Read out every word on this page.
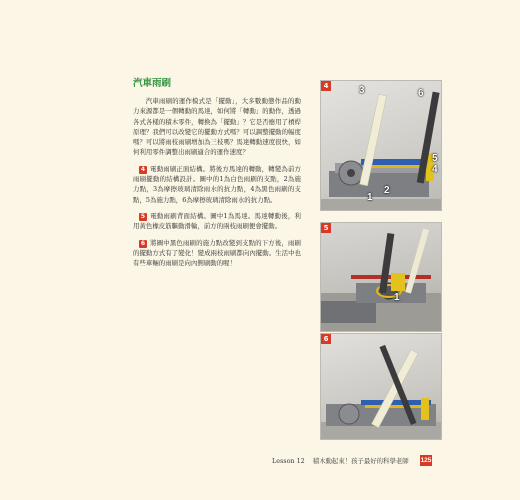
汽車雨刷

汽車雨刷的運作模式是「擺動」，大多數動態作品的動力來源都是一個轉動的馬達，如何將「轉動」的動作，透過各式各樣的積木零件，轉換為「擺動」？它是否應用了槓桿原理？我們可以改變它的擺動方式嗎？可以調整擺動的幅度嗎？可以將雨枝雨刷增加為三枝嗎？馬達轉動速度很快，如何利用零件調整出雨刷適合的運作速度？

4 電動雨刷正面結構。將後方馬達的轉動，轉變為前方雨刷擺動的結構設計。圖中的1為白色雨刷的支點，2為施力點，3為摩擦玻璃清除雨水的抗力點，4為黑色雨刷的支點，5為施力點，6為摩擦玻璃清除雨水的抗力點。

5 電動雨刷背面結構。圖中1為馬達。馬達轉動後，利用黃色橡皮筋驅動滑輪，前方的兩枝雨刷便會擺動。

6 將圖中黑色雨刷的施力點改變到支點的下方後，雨刷的擺動方式有了變化！變成兩枝雨刷都向內擺動。生活中也有些車輛的雨刷是向內側刷動的喔！

4	3	6
5
4
2
1
5
1
6
Lesson 12 積木動起來！孩子最好的科學老師 125
